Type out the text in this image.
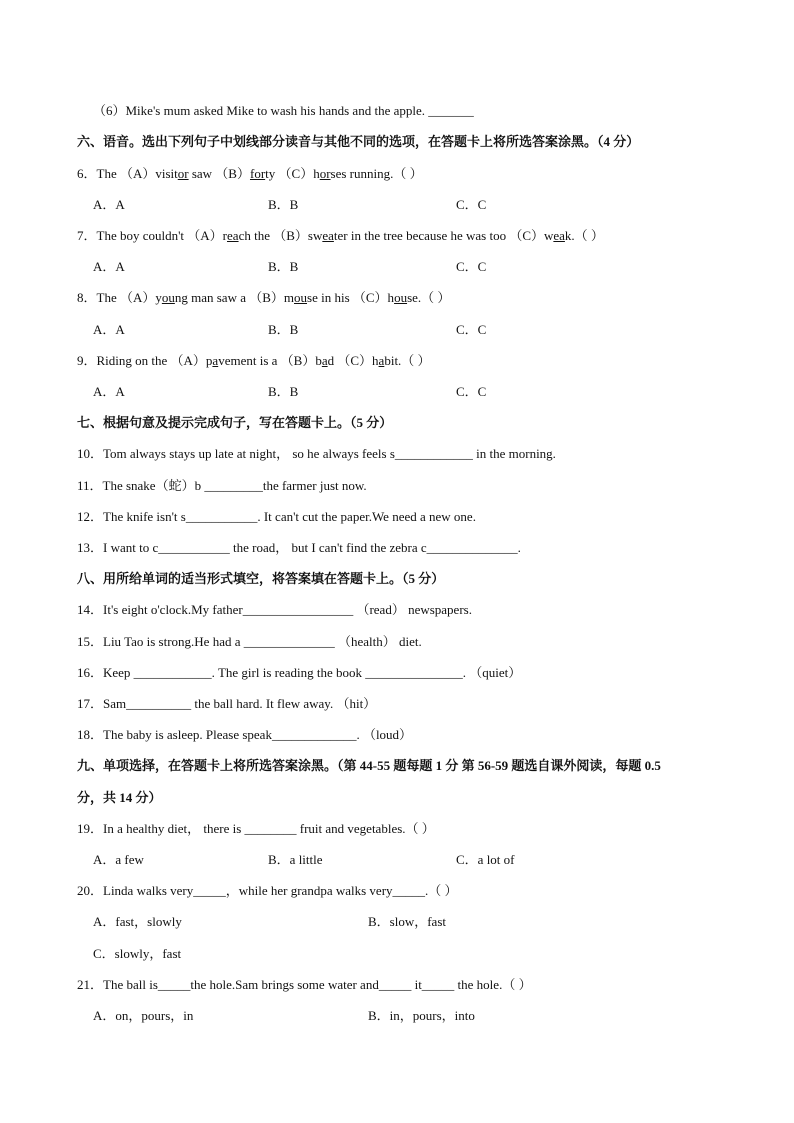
（6）Mike's mum asked Mike to wash his hands and the apple. _______
六、语音。选出下列句子中划线部分读音与其他不同的选项，在答题卡上将所选答案涂黑。（4 分）
6．The （A）visitor saw （B）forty （C）horses running.（ ）
A．A	B．B	C．C
7．The boy couldn't （A）reach the （B）sweater in the tree because he was too （C）weak.（ ）
A．A	B．B	C．C
8．The （A）young man saw a （B）mouse in his （C）house.（ ）
A．A	B．B	C．C
9．Riding on the （A）pavement is a （B）bad （C）habit.（ ）
A．A	B．B	C．C
七、根据句意及提示完成句子，写在答题卡上。（5 分）
10．Tom always stays up late at night， so he always feels s____________ in the morning.
11．The snake（蛇）b _________the farmer just now.
12．The knife isn't s___________. It can't cut the paper.We need a new one.
13．I want to c___________ the road， but I can't find the zebra c______________.
八、用所给单词的适当形式填空，将答案填在答题卡上。（5 分）
14．It's eight o'clock.My father_________________ （read） newspapers.
15．Liu Tao is strong.He had a ______________ （health） diet.
16．Keep ____________. The girl is reading the book _______________. （quiet）
17．Sam__________ the ball hard. It flew away. （hit）
18．The baby is asleep. Please speak_____________. （loud）
九、单项选择，在答题卡上将所选答案涂黑。（第 44-55 题每题 1 分 第 56-59 题选自课外阅读，每题 0.5
分，共 14 分）
19．In a healthy diet， there is ________ fruit and vegetables.（ ）
A．a few	B．a little	C．a lot of
20．Linda walks very_____，while her grandpa walks very_____.（ ）
A．fast，slowly	B．slow，fast
C．slowly，fast
21．The ball is_____the hole.Sam brings some water and_____ it_____ the hole.（ ）
A．on，pours，in	B．in，pours，into
